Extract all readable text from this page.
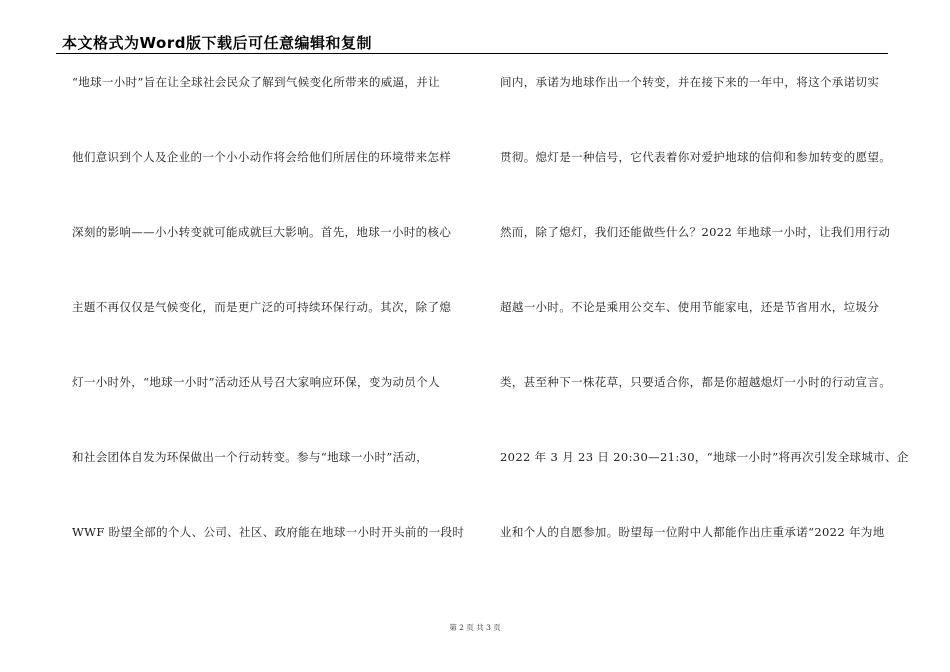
本文格式为Word版下载后可任意编辑和复制
“地球一小时”旨在让全球社会民众了解到气候变化所带来的威逼，并让
他们意识到个人及企业的一个小小动作将会给他们所居住的环境带来怎样
深刻的影响——小小转变就可能成就巨大影响。首先，地球一小时的核心
主题不再仅仅是气候变化，而是更广泛的可持续环保行动。其次，除了熄
灯一小时外，“地球一小时”活动还从号召大家响应环保，变为动员个人
和社会团体自发为环保做出一个行动转变。参与“地球一小时”活动，
WWF 盼望全部的个人、公司、社区、政府能在地球一小时开头前的一段时
间内，承诺为地球作出一个转变，并在接下来的一年中，将这个承诺切实
贯彻。熄灯是一种信号，它代表着你对爱护地球的信仰和参加转变的愿望。
然而，除了熄灯，我们还能做些什么？2022 年地球一小时，让我们用行动
超越一小时。不论是乘用公交车、使用节能家电，还是节省用水，垃圾分
类，甚至种下一株花草，只要适合你，都是你超越熄灯一小时的行动宣言。
2022 年 3 月 23 日 20:30—21:30，“地球一小时”将再次引发全球城市、企
业和个人的自愿参加。盼望每一位附中人都能作出庄重承诺“2022 年为地
第 2 页 共 3 页
